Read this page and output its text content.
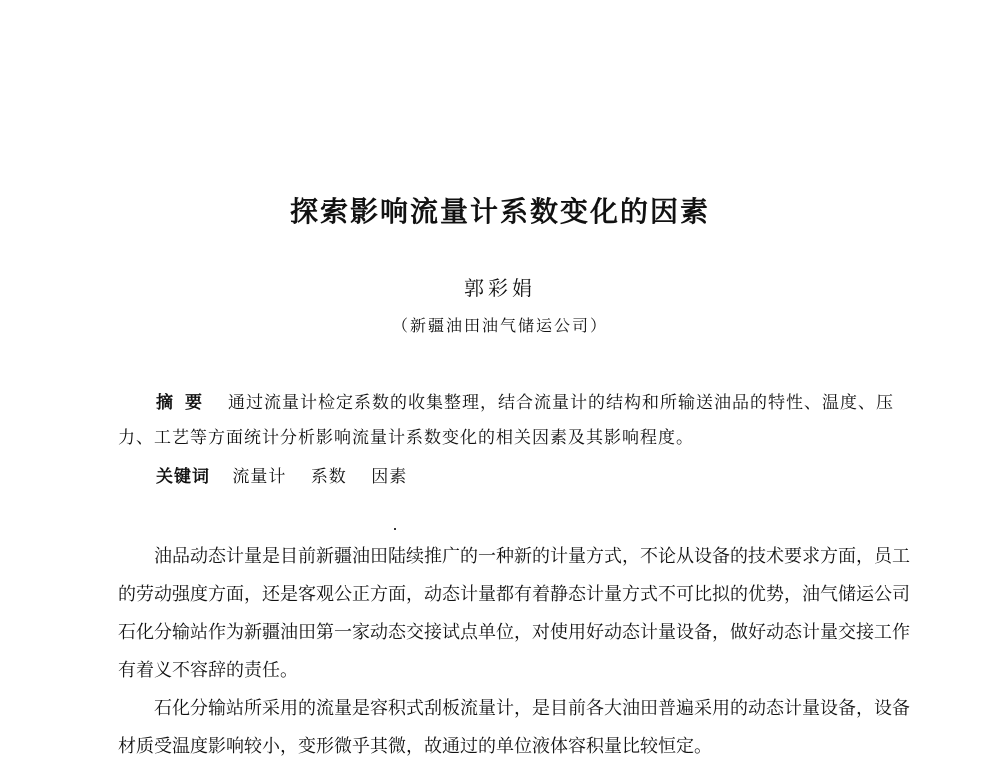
探索影响流量计系数变化的因素
郭彩娟
（新疆油田油气储运公司）
摘要 通过流量计检定系数的收集整理，结合流量计的结构和所输送油品的特性、温度、压力、工艺等方面统计分析影响流量计系数变化的相关因素及其影响程度。
关键词 流量计 系数 因素

油品动态计量是目前新疆油田陆续推广的一种新的计量方式，不论从设备的技术要求方面，员工的劳动强度方面，还是客观公正方面，动态计量都有着静态计量方式不可比拟的优势，油气储运公司石化分输站作为新疆油田第一家动态交接试点单位，对使用好动态计量设备，做好动态计量交接工作有着义不容辞的责任。

石化分输站所采用的流量是容积式刮板流量计，是目前各大油田普遍采用的动态计量设备，设备材质受温度影响较小，变形微乎其微，故通过的单位液体容积量比较恒定。
